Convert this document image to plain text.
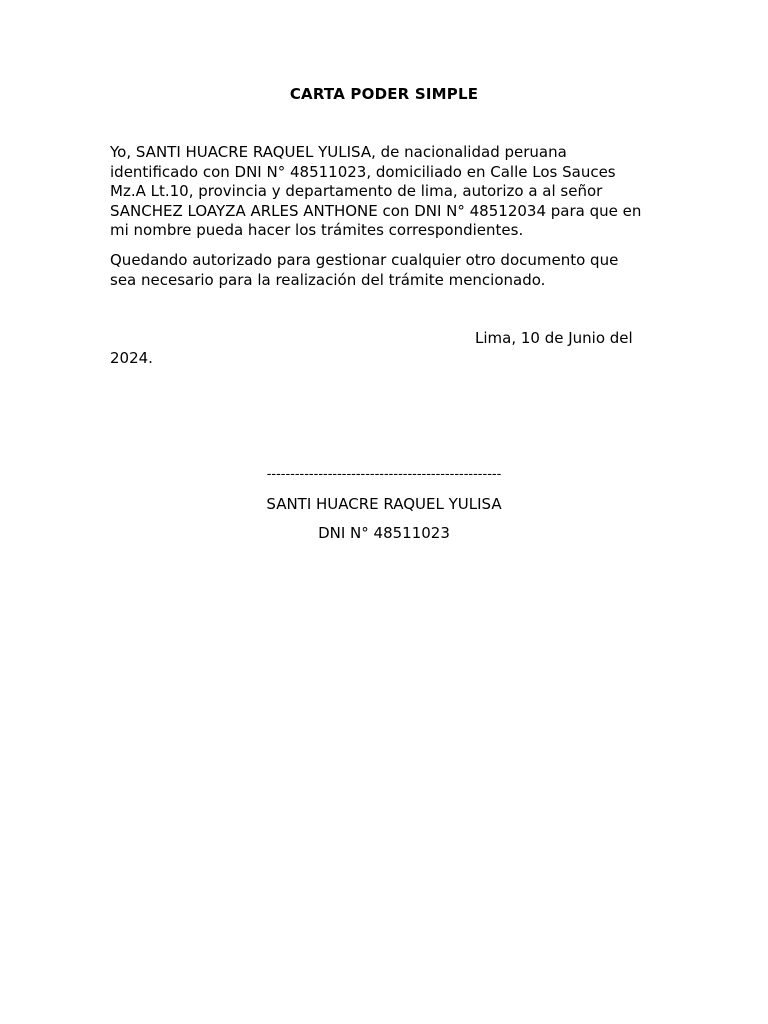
CARTA PODER SIMPLE
Yo, SANTI HUACRE RAQUEL YULISA, de nacionalidad peruana
identificado con DNI N° 48511023, domiciliado en Calle Los Sauces
Mz.A Lt.10, provincia y departamento de lima, autorizo a al señor
SANCHEZ LOAYZA ARLES ANTHONE con DNI N° 48512034 para que en
mi nombre pueda hacer los trámites correspondientes.
Quedando autorizado para gestionar cualquier otro documento que
sea necesario para la realización del trámite mencionado.
Lima, 10 de Junio del
2024.
--------------------------------------------------
SANTI HUACRE RAQUEL YULISA
DNI N° 48511023
